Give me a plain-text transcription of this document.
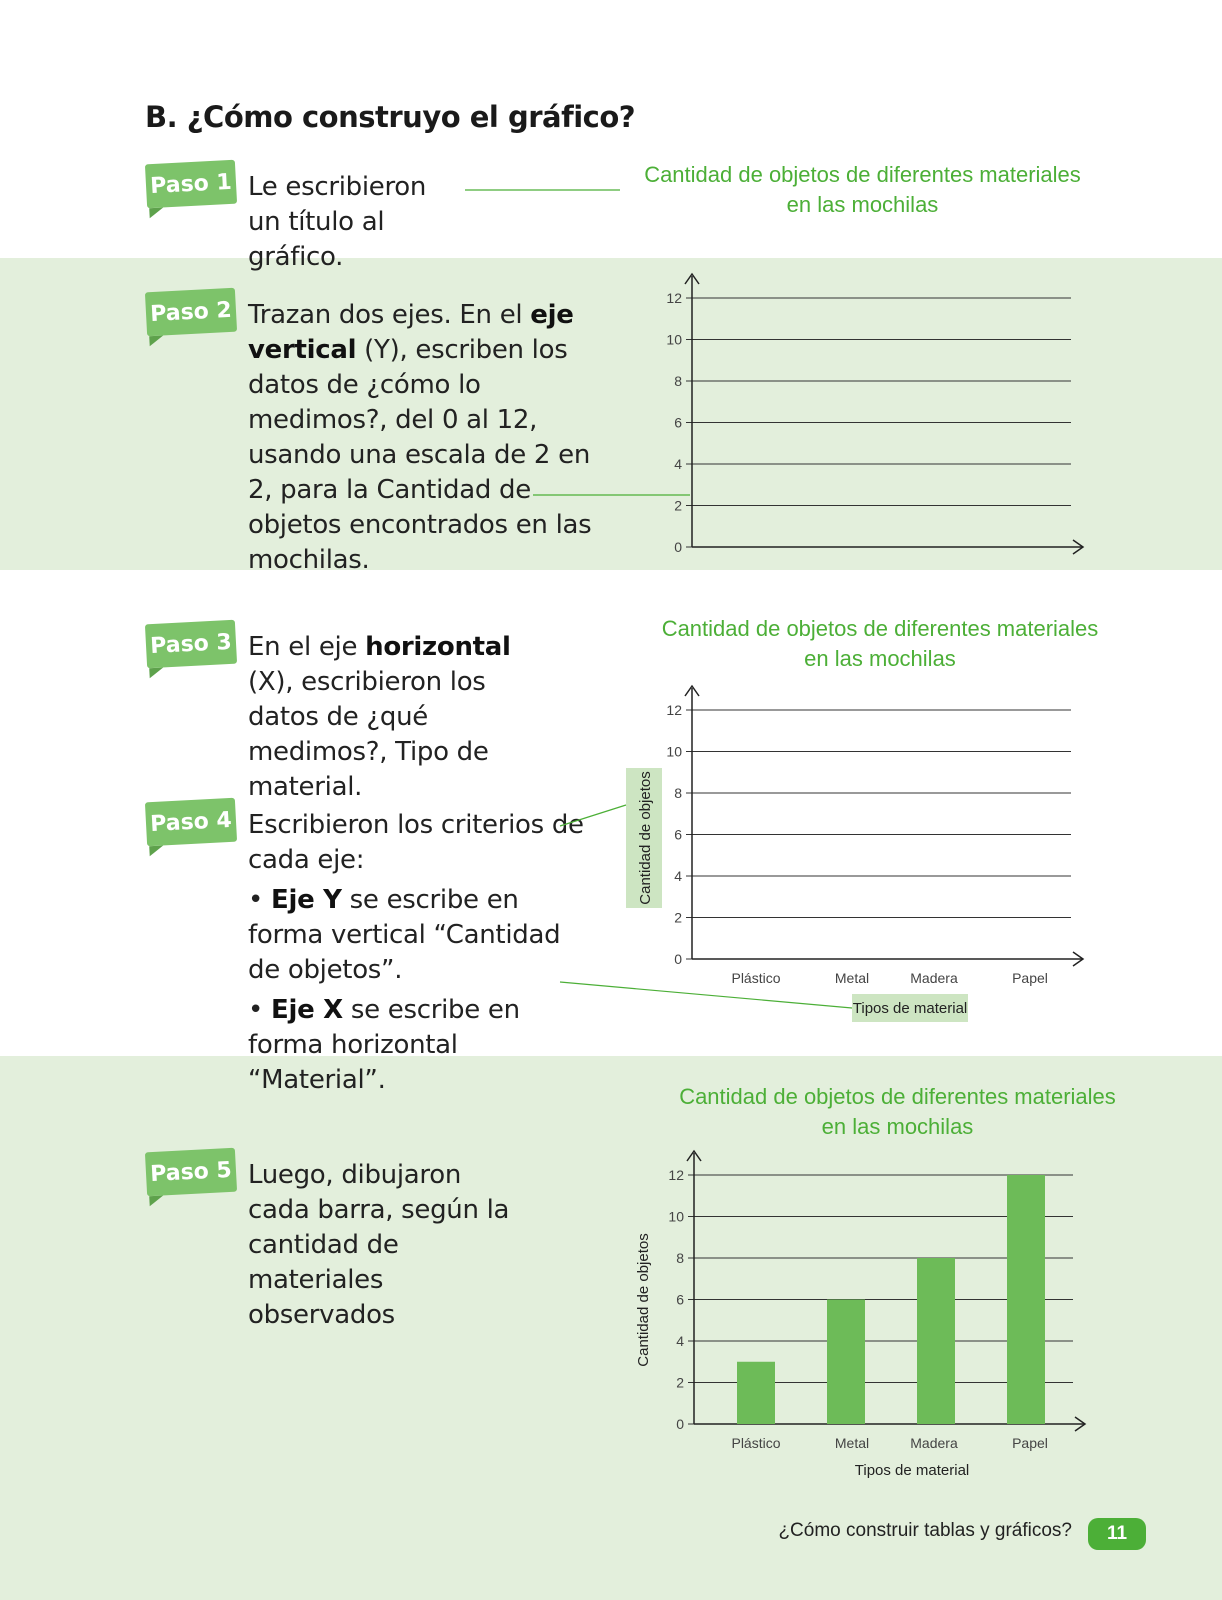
B. ¿Cómo construyo el gráfico?
Paso 1 Le escribieron un título al gráfico.
Cantidad de objetos de diferentes materiales
en las mochilas
Paso 2 Trazan dos ejes. En el eje vertical (Y), escriben los datos de ¿cómo lo medimos?, del 0 al 12, usando una escala de 2 en 2, para la Cantidad de objetos encontrados en las mochilas.
Paso 3 En el eje horizontal (X), escribieron los datos de ¿qué medimos?, Tipo de material.
Cantidad de objetos de diferentes materiales
en las mochilas
Paso 4 Escribieron los criterios de cada eje:

• Eje Y se escribe en forma vertical “Cantidad de objetos”.

• Eje X se escribe en forma horizontal “Material”.

Paso 5 Luego, dibujaron cada barra, según la cantidad de materiales observados
Cantidad de objetos de diferentes materiales
en las mochilas
0
2
4
6
8
10
12
0
2
4
6
8
10
12
Plástico	Metal	Madera	Papel
Cantidad de objetos
Tipos de material
0
2
4
6
8
10
12
Plástico	Metal	Madera	Papel
Cantidad de objetos
Tipos de material
¿Cómo construir tablas y gráficos?	11
